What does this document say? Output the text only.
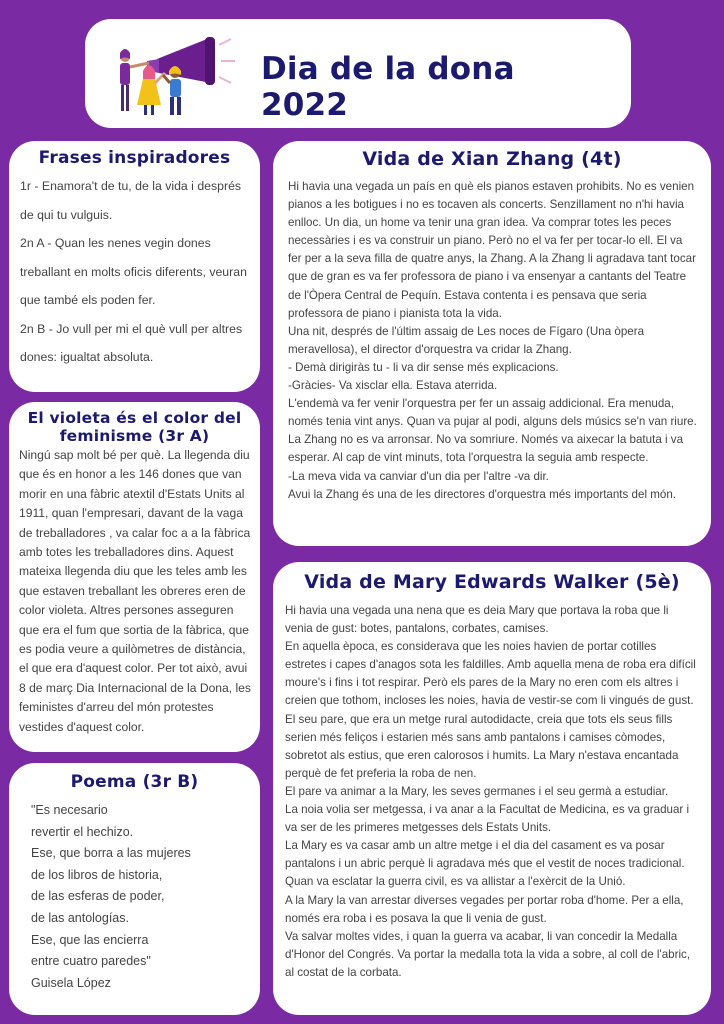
Dia de la dona 2022
Frases inspiradores

1r - Enamora't de tu, de la vida i després de qui tu vulguis.

2n A - Quan les nenes vegin dones treballant en molts oficis diferents, veuran que també els poden fer.

2n B - Jo vull per mi el què vull per altres dones: igualtat absoluta.

El violeta és el color del feminisme (3r A)
Ningú sap molt bé per què. La llegenda diu que és en honor a les 146 dones que van morir en una fàbric atextil d'Estats Units al 1911, quan l'empresari, davant de la vaga de treballadores , va calar foc a a la fàbrica amb totes les treballadores dins. Aquest mateixa llegenda diu que les teles amb les que estaven treballant les obreres eren de color violeta. Altres persones asseguren que era el fum que sortia de la fàbrica, que es podia veure a quilòmetres de distància, el que era d'aquest color. Per tot això, avui 8 de març Dia Internacional de la Dona, les feministes d'arreu del món protestes vestides d'aquest color.
Poema (3r B)
"Es necesario
revertir el hechizo.
Ese, que borra a las mujeres
de los libros de historia,
de las esferas de poder,
de las antologías.
Ese, que las encierra
entre cuatro paredes"
Guisela López
Vida de Xian Zhang (4t)
Hi havia una vegada un país en què els pianos estaven prohibits. No es venien pianos a les botigues i no es tocaven als concerts. Senzillament no n'hi havia enlloc. Un dia, un home va tenir una gran idea. Va comprar totes les peces necessàries i es va construir un piano. Però no el va fer per tocar-lo ell. El va fer per a la seva filla de quatre anys, la Zhang. A la Zhang li agradava tant tocar que de gran es va fer professora de piano i va ensenyar a cantants del Teatre de l'Òpera Central de Pequín. Estava contenta i es pensava que seria professora de piano i pianista tota la vida.
Una nit, després de l'últim assaig de Les noces de Fígaro (Una òpera meravellosa), el director d'orquestra va cridar la Zhang.
- Demà dirigiràs tu - li va dir sense més explicacions.
-Gràcies- Va xisclar ella. Estava aterrida.
L'endemà va fer venir l'orquestra per fer un assaig addicional. Era menuda, només tenia vint anys. Quan va pujar al podi, alguns dels músics se'n van riure. La Zhang no es va arronsar. No va somriure. Només va aixecar la batuta i va esperar. Al cap de vint minuts, tota l'orquestra la seguia amb respecte.
-La meva vida va canviar d'un dia per l'altre -va dir.
Avui la Zhang és una de les directores d'orquestra més importants del món.
Vida de Mary Edwards Walker (5è)
Hi havia una vegada una nena que es deia Mary que portava la roba que li venia de gust: botes, pantalons, corbates, camises.
En aquella època, es considerava que les noies havien de portar cotilles estretes i capes d'anagos sota les faldilles. Amb aquella mena de roba era difícil moure's i fins i tot respirar. Però els pares de la Mary no eren com els altres i creien que tothom, incloses les noies, havia de vestir-se com li vingués de gust. El seu pare, que era un metge rural autodidacte, creia que tots els seus fills serien més feliços i estarien més sans amb pantalons i camises còmodes, sobretot als estius, que eren calorosos i humits. La Mary n'estava encantada perquè de fet preferia la roba de nen.
El pare va animar a la Mary, les seves germanes i el seu germà a estudiar.
La noia volia ser metgessa, i va anar a la Facultat de Medicina, es va graduar i va ser de les primeres metgesses dels Estats Units.
La Mary es va casar amb un altre metge i el dia del casament es va posar pantalons i un abric perquè li agradava més que el vestit de noces tradicional.
Quan va esclatar la guerra civil, es va allistar a l'exèrcit de la Unió.
A la Mary la van arrestar diverses vegades per portar roba d'home. Per a ella, només era roba i es posava la que li venia de gust.
Va salvar moltes vides, i quan la guerra va acabar, li van concedir la Medalla d'Honor del Congrés. Va portar la medalla tota la vida a sobre, al coll de l'abric, al costat de la corbata.
